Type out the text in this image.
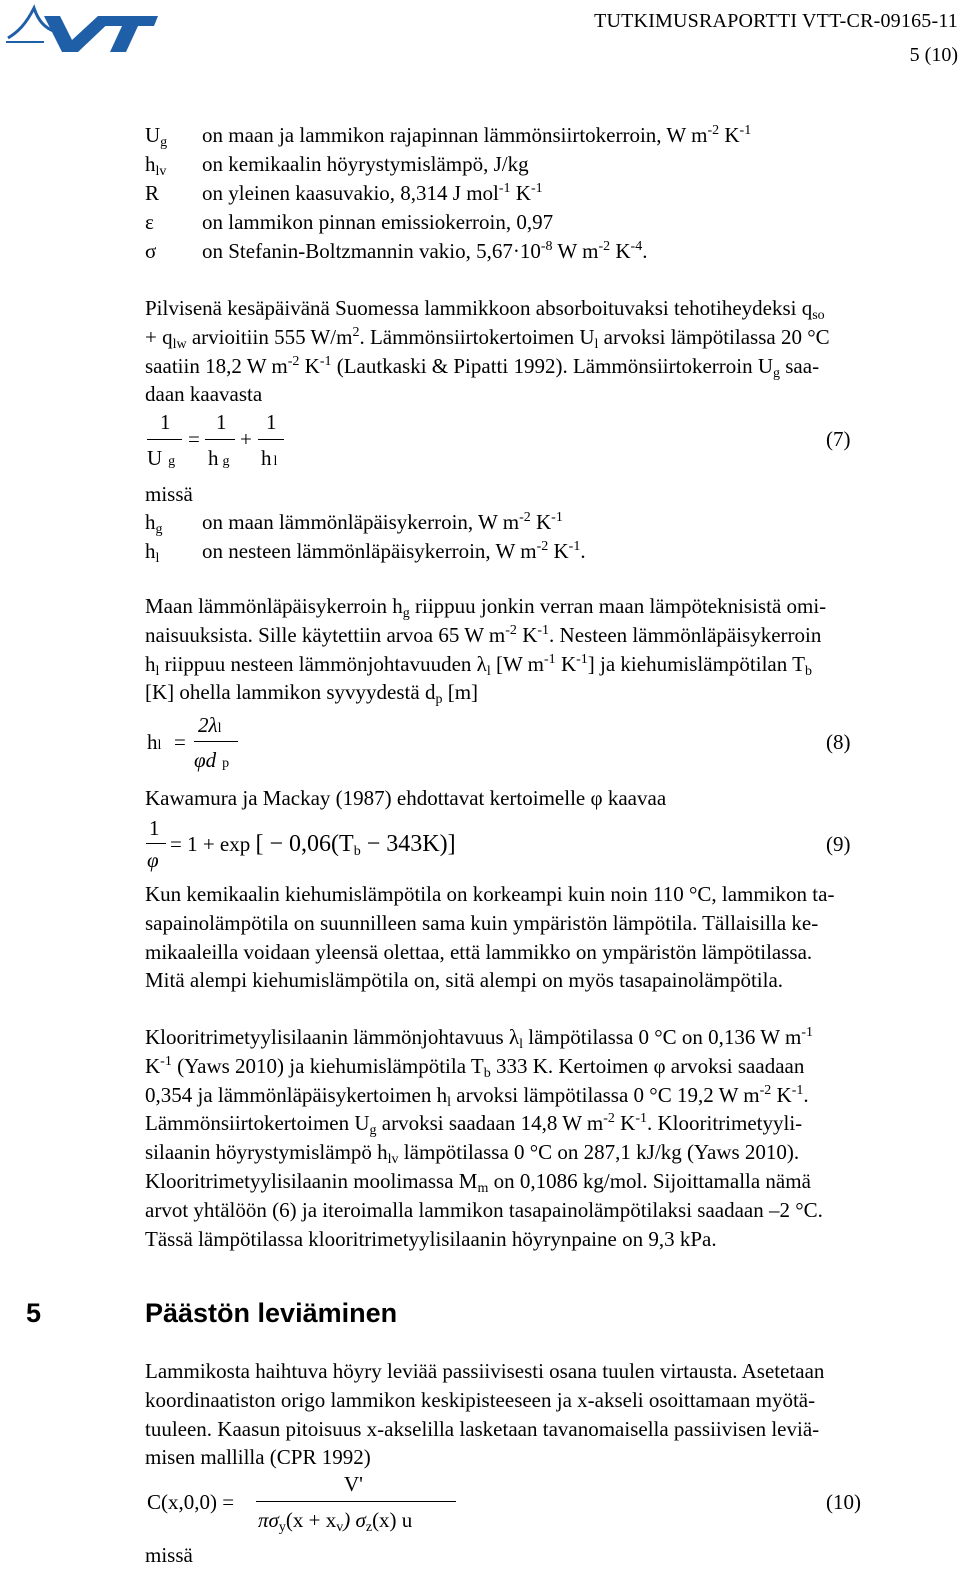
TUTKIMUSRAPORTTI VTT-CR-09165-11
5 (10)
$U_g$ on maan ja lammikon rajapinnan lämmönsiirtokerroin, W $m^{-2}$ $K^{-1}$
$h_{lv}$ on kemikaalin höyrystymislämpö, J/kg
R on yleinen kaasuvakio, 8,314 J mol$^{-1}$ $K^{-1}$
ε on lammikon pinnan emissiokerroin, 0,97
σ on Stefanin-Boltzmannin vakio, $5,67\cdot 10^{-8}$ W $m^{-2}$ $K^{-4}$.
Pilvisenä kesäpäivänä Suomessa lammikkoon absorboituvaksi tehotiheydeksi $q_{so}$
+ $q_{lw}$ arvioitiin 555 $W/m^2$. Lämmönsiirtokertoimen $U_l$ arvoksi lämpötilassa 20 °C
saatiin 18,2 W $m^{-2}$ $K^{-1}$ (Lautkaski & Pipatti 1992). Lämmönsiirtokerroin $U_g$ saa-
daan kaavasta
1
Ug
=
1
hg
+
1
hl
(7)
missä
$h_g$ on maan lämmönläpäisykerroin, W $m^{-2}$ $K^{-1}$
$h_l$ on nesteen lämmönläpäisykerroin, W $m^{-2}$ $K^{-1}$.
Maan lämmönläpäisykerroin $h_g$ riippuu jonkin verran maan lämpöteknisistä omi-
naisuuksista. Sille käytettiin arvoa 65 W $m^{-2}$ $K^{-1}$. Nesteen lämmönläpäisykerroin
$h_l$ riippuu nesteen lämmönjohtavuuden $\lambda_l$ [W $m^{-1}$ $K^{-1}$] ja kiehumislämpötilan $T_b$
[K] ohella lammikon syvyydestä $d_p$ [m]
hl =
2λl
φd p
(8)
Kawamura ja Mackay (1987) ehdottavat kertoimelle φ kaavaa
1
φ
= 1 + exp [ − $0,06(T_b - 343K)$]	(9)
Kun kemikaalin kiehumislämpötila on korkeampi kuin noin 110 °C, lammikon ta-
sapainolämpötila on suunnilleen sama kuin ympäristön lämpötila. Tällaisilla ke-
mikaaleilla voidaan yleensä olettaa, että lammikko on ympäristön lämpötilassa.
Mitä alempi kiehumislämpötila on, sitä alempi on myös tasapainolämpötila.
Klooritrimetyylisilaanin lämmönjohtavuus $\lambda_l$ lämpötilassa 0 °C on 0,136 W $m^{-1}$
$K^{-1}$ (Yaws 2010) ja kiehumislämpötila $T_b$ 333 K. Kertoimen φ arvoksi saadaan
0,354 ja lämmönläpäisykertoimen $h_l$ arvoksi lämpötilassa 0 °C 19,2 W $m^{-2}$ $K^{-1}$.
Lämmönsiirtokertoimen $U_g$ arvoksi saadaan 14,8 W $m^{-2}$ $K^{-1}$. Klooritrimetyyli-
silaanin höyrystymislämpö $h_{lv}$ lämpötilassa 0 °C on 287,1 kJ/kg (Yaws 2010).
Klooritrimetyylisilaanin moolimassa $M_m$ on 0,1086 kg/mol. Sijoittamalla nämä
arvot yhtälöön (6) ja iteroimalla lammikon tasapainolämpötilaksi saadaan –2 °C.
Tässä lämpötilassa klooritrimetyylisilaanin höyrynpaine on 9,3 kPa.
5	Päästön leviäminen
Lammikosta haihtuva höyry leviää passiivisesti osana tuulen virtausta. Asetetaan
koordinaatiston origo lammikon keskipisteeseen ja x-akseli osoittamaan myötä-
tuuleen. Kaasun pitoisuus x-akselilla lasketaan tavanomaisella passiivisen leviä-
misen mallilla (CPR 1992)
C(x,0,0) =
V'
$\pi\sigma_y(x + x_v)$ $\sigma_z(x)$ u
(10)
missä
